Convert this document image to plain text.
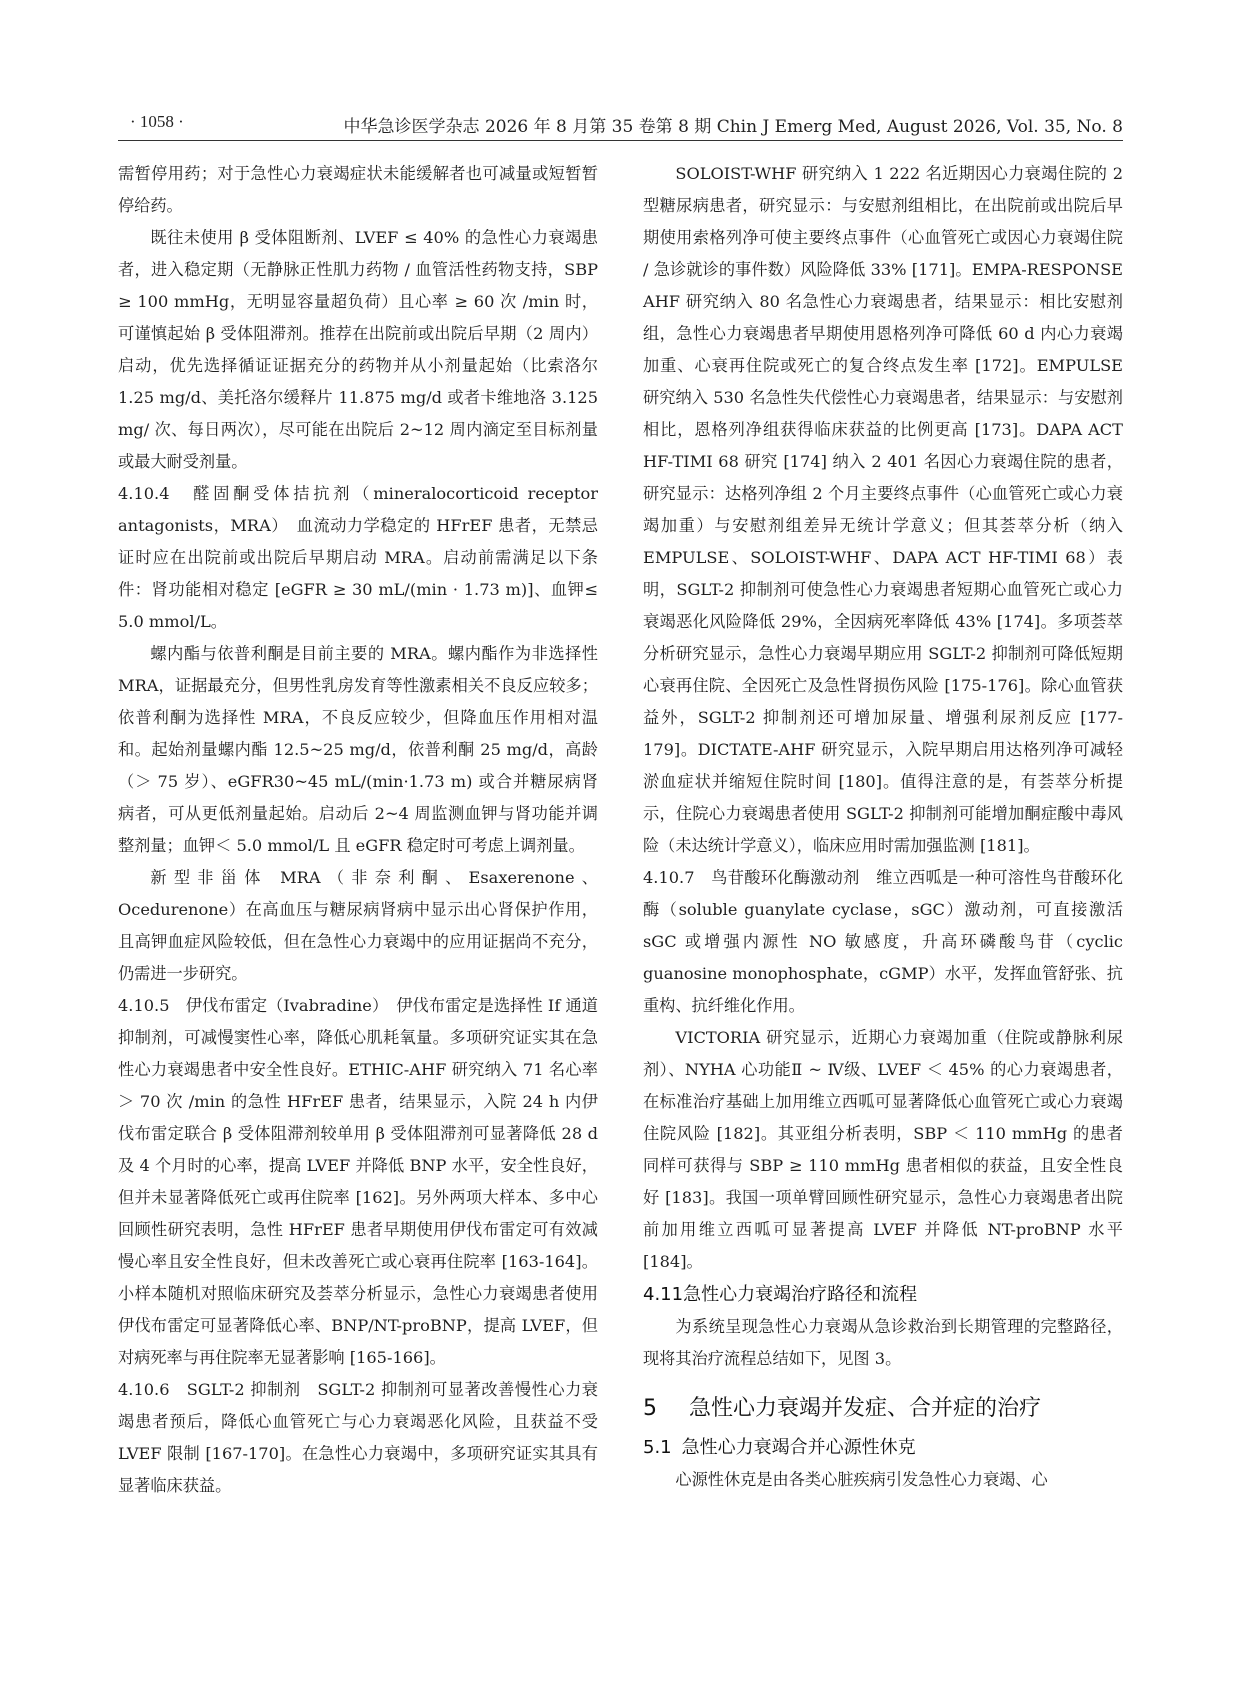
· 1058 ·	中华急诊医学杂志 2026 年 8 月第 35 卷第 8 期 Chin J Emerg Med, August 2026, Vol. 35, No. 8

需暂停用药；对于急性心力衰竭症状未能缓解者也可减量或短暂暂停给药。

既往未使用 β 受体阻断剂、LVEF ≤ 40% 的急性心力衰竭患者，进入稳定期（无静脉正性肌力药物 / 血管活性药物支持，SBP ≥ 100 mmHg，无明显容量超负荷）且心率 ≥ 60 次 /min 时，可谨慎起始 β 受体阻滞剂。推荐在出院前或出院后早期（2 周内）启动，优先选择循证证据充分的药物并从小剂量起始（比索洛尔 1.25 mg/d、美托洛尔缓释片 11.875 mg/d 或者卡维地洛 3.125 mg/ 次、每日两次），尽可能在出院后 2~12 周内滴定至目标剂量或最大耐受剂量。

4.10.4　醛固酮受体拮抗剂（mineralocorticoid receptor antagonists，MRA）　血流动力学稳定的 HFrEF 患者，无禁忌证时应在出院前或出院后早期启动 MRA。启动前需满足以下条件：肾功能相对稳定 [eGFR ≥ 30 mL/(min · 1.73 m)]、血钾≤ 5.0 mmol/L。

螺内酯与依普利酮是目前主要的 MRA。螺内酯作为非选择性 MRA，证据最充分，但男性乳房发育等性激素相关不良反应较多；依普利酮为选择性 MRA，不良反应较少，但降血压作用相对温和。起始剂量螺内酯 12.5~25 mg/d，依普利酮 25 mg/d，高龄（＞ 75 岁）、eGFR30~45 mL/(min·1.73 m) 或合并糖尿病肾病者，可从更低剂量起始。启动后 2~4 周监测血钾与肾功能并调整剂量；血钾＜ 5.0 mmol/L 且 eGFR 稳定时可考虑上调剂量。

新型非甾体 MRA（非奈利酮、Esaxerenone、Ocedurenone）在高血压与糖尿病肾病中显示出心肾保护作用，且高钾血症风险较低，但在急性心力衰竭中的应用证据尚不充分，仍需进一步研究。

4.10.5　伊伐布雷定（Ivabradine）　伊伐布雷定是选择性 If 通道抑制剂，可减慢窦性心率，降低心肌耗氧量。多项研究证实其在急性心力衰竭患者中安全性良好。ETHIC-AHF 研究纳入 71 名心率＞ 70 次 /min 的急性 HFrEF 患者，结果显示，入院 24 h 内伊伐布雷定联合 β 受体阻滞剂较单用 β 受体阻滞剂可显著降低 28 d 及 4 个月时的心率，提高 LVEF 并降低 BNP 水平，安全性良好，但并未显著降低死亡或再住院率 [162]。另外两项大样本、多中心回顾性研究表明，急性 HFrEF 患者早期使用伊伐布雷定可有效减慢心率且安全性良好，但未改善死亡或心衰再住院率 [163-164]。小样本随机对照临床研究及荟萃分析显示，急性心力衰竭患者使用伊伐布雷定可显著降低心率、BNP/NT-proBNP，提高 LVEF，但对病死率与再住院率无显著影响 [165-166]。

4.10.6　SGLT-2 抑制剂　SGLT-2 抑制剂可显著改善慢性心力衰竭患者预后，降低心血管死亡与心力衰竭恶化风险，且获益不受 LVEF 限制 [167-170]。在急性心力衰竭中，多项研究证实其具有显著临床获益。

SOLOIST-WHF 研究纳入 1 222 名近期因心力衰竭住院的 2 型糖尿病患者，研究显示：与安慰剂组相比，在出院前或出院后早期使用索格列净可使主要终点事件（心血管死亡或因心力衰竭住院 / 急诊就诊的事件数）风险降低 33% [171]。EMPA-RESPONSE AHF 研究纳入 80 名急性心力衰竭患者，结果显示：相比安慰剂组，急性心力衰竭患者早期使用恩格列净可降低 60 d 内心力衰竭加重、心衰再住院或死亡的复合终点发生率 [172]。EMPULSE 研究纳入 530 名急性失代偿性心力衰竭患者，结果显示：与安慰剂相比，恩格列净组获得临床获益的比例更高 [173]。DAPA ACT HF-TIMI 68 研究 [174] 纳入 2 401 名因心力衰竭住院的患者，研究显示：达格列净组 2 个月主要终点事件（心血管死亡或心力衰竭加重）与安慰剂组差异无统计学意义；但其荟萃分析（纳入 EMPULSE、SOLOIST-WHF、DAPA ACT HF-TIMI 68）表明，SGLT-2 抑制剂可使急性心力衰竭患者短期心血管死亡或心力衰竭恶化风险降低 29%，全因病死率降低 43% [174]。多项荟萃分析研究显示，急性心力衰竭早期应用 SGLT-2 抑制剂可降低短期心衰再住院、全因死亡及急性肾损伤风险 [175-176]。除心血管获益外，SGLT-2 抑制剂还可增加尿量、增强利尿剂反应 [177-179]。DICTATE-AHF 研究显示，入院早期启用达格列净可减轻淤血症状并缩短住院时间 [180]。值得注意的是，有荟萃分析提示，住院心力衰竭患者使用 SGLT-2 抑制剂可能增加酮症酸中毒风险（未达统计学意义），临床应用时需加强监测 [181]。

4.10.7　鸟苷酸环化酶激动剂　维立西呱是一种可溶性鸟苷酸环化酶（soluble guanylate cyclase，sGC）激动剂，可直接激活 sGC 或增强内源性 NO 敏感度，升高环磷酸鸟苷（cyclic guanosine monophosphate，cGMP）水平，发挥血管舒张、抗重构、抗纤维化作用。

VICTORIA 研究显示，近期心力衰竭加重（住院或静脉利尿剂）、NYHA 心功能Ⅱ ~ Ⅳ级、LVEF ＜ 45% 的心力衰竭患者，在标准治疗基础上加用维立西呱可显著降低心血管死亡或心力衰竭住院风险 [182]。其亚组分析表明，SBP ＜ 110 mmHg 的患者同样可获得与 SBP ≥ 110 mmHg 患者相似的获益，且安全性良好 [183]。我国一项单臂回顾性研究显示，急性心力衰竭患者出院前加用维立西呱可显著提高 LVEF 并降低 NT-proBNP 水平 [184]。

4.11急性心力衰竭治疗路径和流程

为系统呈现急性心力衰竭从急诊救治到长期管理的完整路径，现将其治疗流程总结如下，见图 3。

5 急性心力衰竭并发症、合并症的治疗
5.1 急性心力衰竭合并心源性休克

心源性休克是由各类心脏疾病引发急性心力衰竭、心
